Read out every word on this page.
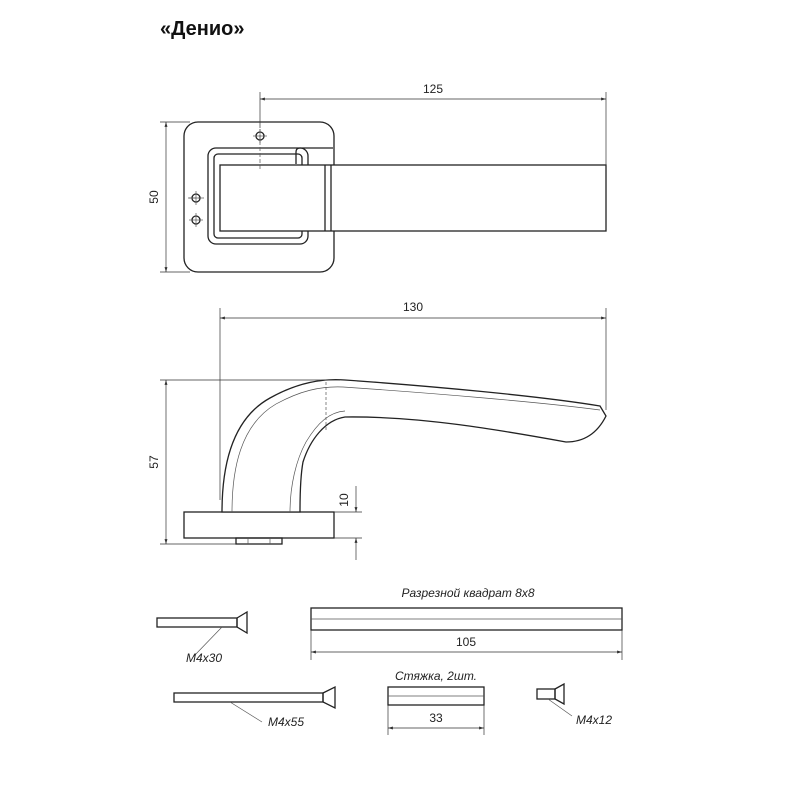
«Денио»
125
50
130
57
10
M4x30
Разрезной квадрат 8x8
105
M4x55
Стяжка, 2шт.
33	M4x12
